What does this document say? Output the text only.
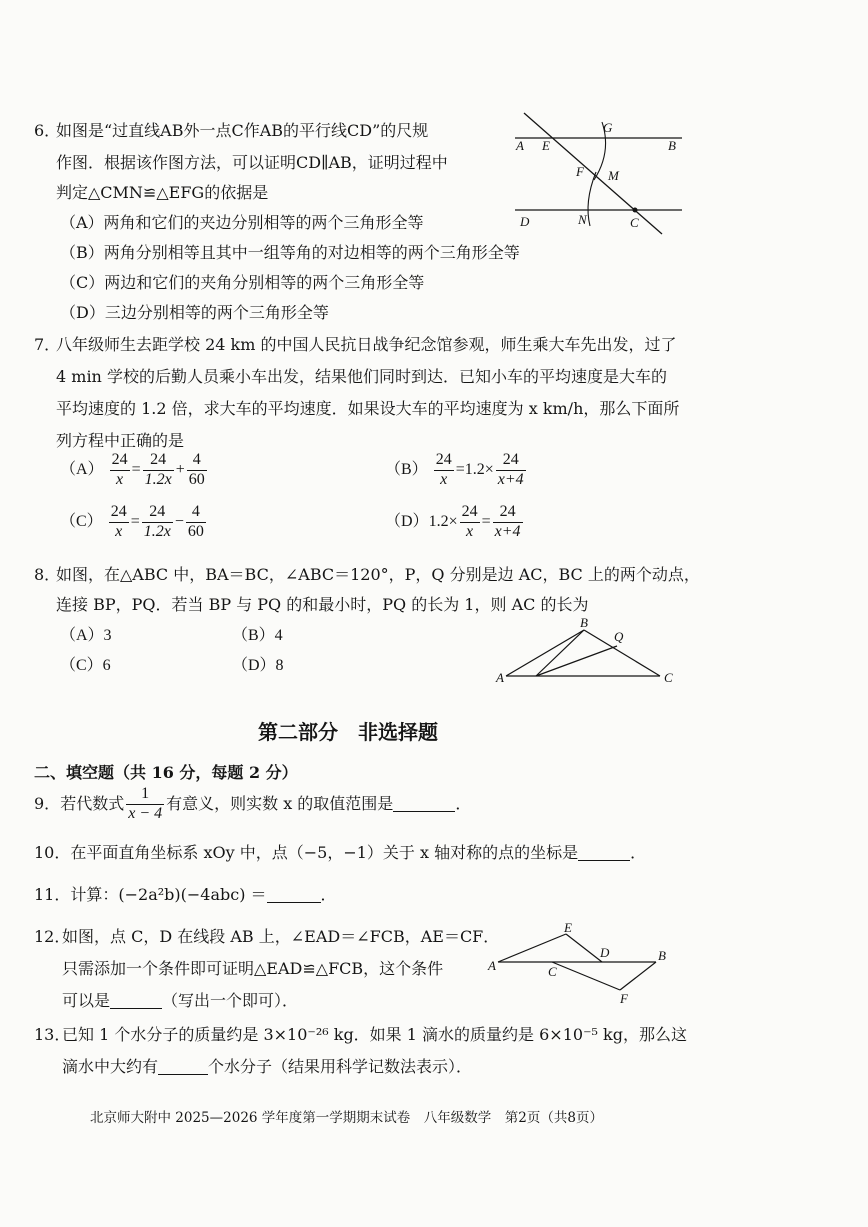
6．
如图是“过直线AB外一点C作AB的平行线CD”的尺规
作图．根据该作图方法，可以证明CD∥AB，证明过程中
判定△CMN≌△EFG的依据是
（A）两角和它们的夹边分别相等的两个三角形全等
（B）两角分别相等且其中一组等角的对边相等的两个三角形全等
（C）两边和它们的夹角分别相等的两个三角形全等
（D）三边分别相等的两个三角形全等
A E
G
B
F M
D	N	C
7．
八年级师生去距学校 24 km 的中国人民抗日战争纪念馆参观，师生乘大车先出发，过了
4 min 学校的后勤人员乘小车出发，结果他们同时到达．已知小车的平均速度是大车的
平均速度的 1.2 倍，求大车的平均速度．如果设大车的平均速度为 x km/h，那么下面所
列方程中正确的是
$(A) \frac{24}{x} = \frac{24}{1.2x} + \frac{4}{60}$	$(B) \frac{24}{x} =1.2\times \frac{24}{x+4}$
$(C) \frac{24}{x} = \frac{24}{1.2x} - \frac{4}{60}$	$(D)1.2\times \frac{24}{x} = \frac{24}{x+4}$
8．
如图，在△ABC 中，BA＝BC，∠ABC＝120°，P，Q 分别是边 AC，BC 上的两个动点，
连接 BP，PQ．若当 BP 与 PQ 的和最小时，PQ 的长为 1，则 AC 的长为
（A）3	（B）4
（C）6	（D）8
A
B
Q
C
第二部分　非选择题
二、填空题（共 16 分，每题 2 分）
9．若代数式 $\frac{1}{x - 4}$ 有意义，则实数 x 的取值范围是	．
10．在平面直角坐标系 xOy 中，点（−5，−1）关于 x 轴对称的点的坐标是	．
11．计算：(−2a²b)(−4abc) ＝	．
12．
如图，点 C，D 在线段 AB 上，∠EAD＝∠FCB，AE＝CF．
只需添加一个条件即可证明△EAD≌△FCB，这个条件
可以是	（写出一个即可）．
A
E
D
C
B
F
13．
已知 1 个水分子的质量约是 3×10⁻²⁶ kg．如果 1 滴水的质量约是 6×10⁻⁵ kg，那么这
滴水中大约有	个水分子（结果用科学记数法表示）．
北京师大附中 2025—2026 学年度第一学期期末试卷　八年级数学　第2页（共8页）
